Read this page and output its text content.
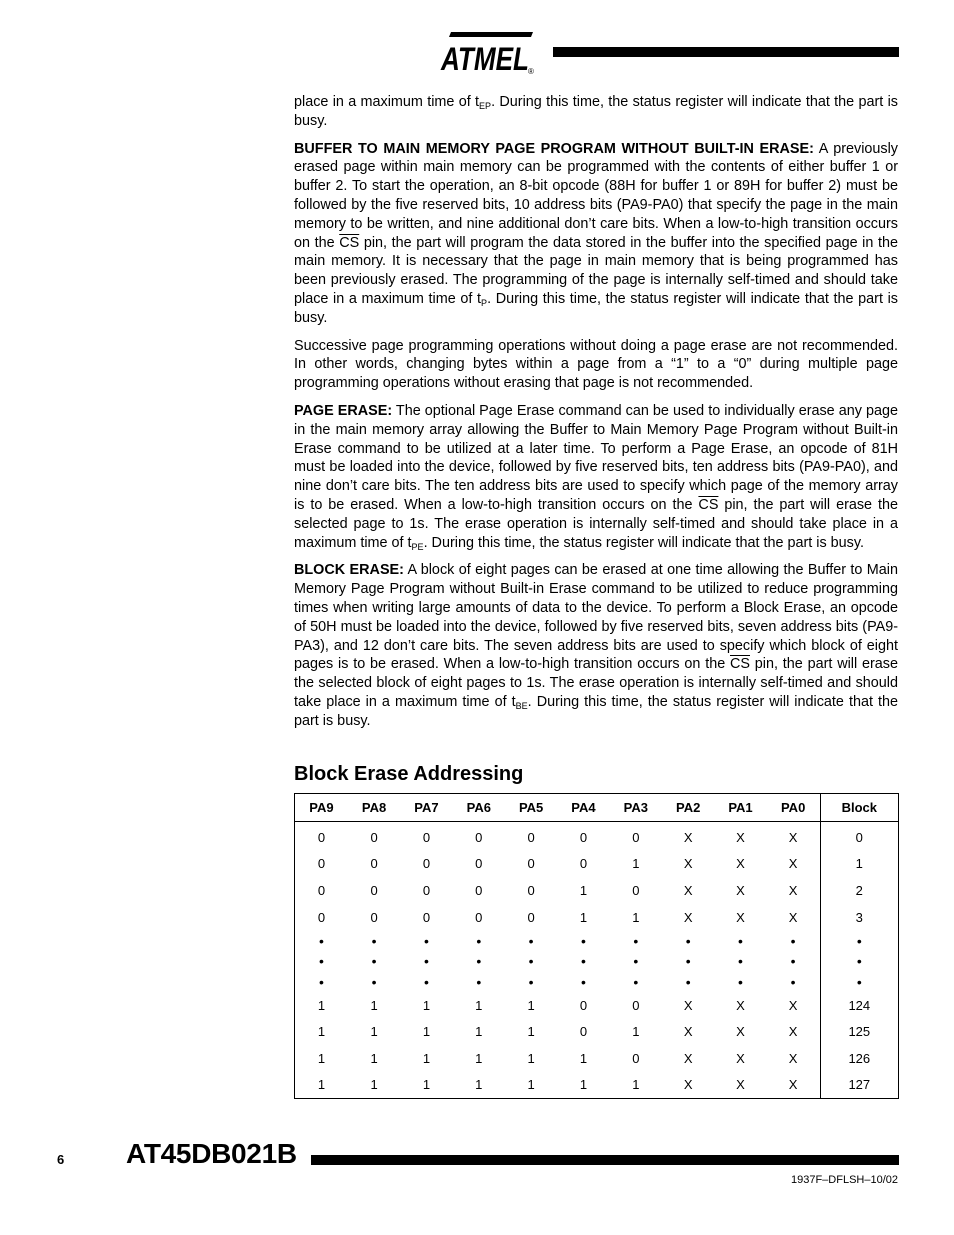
ATMEL ®

place in a maximum time of $t_{EP}$. During this time, the status register will indicate that the part is busy.

BUFFER TO MAIN MEMORY PAGE PROGRAM WITHOUT BUILT-IN ERASE: A previously erased page within main memory can be programmed with the contents of either buffer 1 or buffer 2. To start the operation, an 8-bit opcode (88H for buffer 1 or 89H for buffer 2) must be followed by the five reserved bits, 10 address bits (PA9-PA0) that specify the page in the main memory to be written, and nine additional don’t care bits. When a low-to-high transition occurs on the $\overline{CS}$ pin, the part will program the data stored in the buffer into the specified page in the main memory. It is necessary that the page in main memory that is being programmed has been previously erased. The programming of the page is internally self-timed and should take place in a maximum time of $t_P$. During this time, the status register will indicate that the part is busy.

Successive page programming operations without doing a page erase are not recommended. In other words, changing bytes within a page from a “1” to a “0” during multiple page programming operations without erasing that page is not recommended.

PAGE ERASE: The optional Page Erase command can be used to individually erase any page in the main memory array allowing the Buffer to Main Memory Page Program without Built-in Erase command to be utilized at a later time. To perform a Page Erase, an opcode of 81H must be loaded into the device, followed by five reserved bits, ten address bits (PA9-PA0), and nine don’t care bits. The ten address bits are used to specify which page of the memory array is to be erased. When a low-to-high transition occurs on the $\overline{CS}$ pin, the part will erase the selected page to 1s. The erase operation is internally self-timed and should take place in a maximum time of $t_{PE}$. During this time, the status register will indicate that the part is busy.

BLOCK ERASE: A block of eight pages can be erased at one time allowing the Buffer to Main Memory Page Program without Built-in Erase command to be utilized to reduce programming times when writing large amounts of data to the device. To perform a Block Erase, an opcode of 50H must be loaded into the device, followed by five reserved bits, seven address bits (PA9-PA3), and 12 don’t care bits. The seven address bits are used to specify which block of eight pages is to be erased. When a low-to-high transition occurs on the $\overline{CS}$ pin, the part will erase the selected block of eight pages to 1s. The erase operation is internally self-timed and should take place in a maximum time of $t_{BE}$. During this time, the status register will indicate that the part is busy.

Block Erase Addressing
PA9	PA8	PA7	PA6	PA5	PA4	PA3	PA2	PA1	PA0	Block
0	0	0	0	0	0	0	X	X	X	0
0	0	0	0	0	0	1	X	X	X	1
0	0	0	0	0	1	0	X	X	X	2
0	0	0	0	0	1	1	X	X	X	3
•	•	•	•	•	•	•	•	•	•	•
•	•	•	•	•	•	•	•	•	•	•
•	•	•	•	•	•	•	•	•	•	•
1	1	1	1	1	0	0	X	X	X	124
1	1	1	1	1	0	1	X	X	X	125
1	1	1	1	1	1	0	X	X	X	126
1	1	1	1	1	1	1	X	X	X	127
6 AT45DB021B
1937F–DFLSH–10/02
